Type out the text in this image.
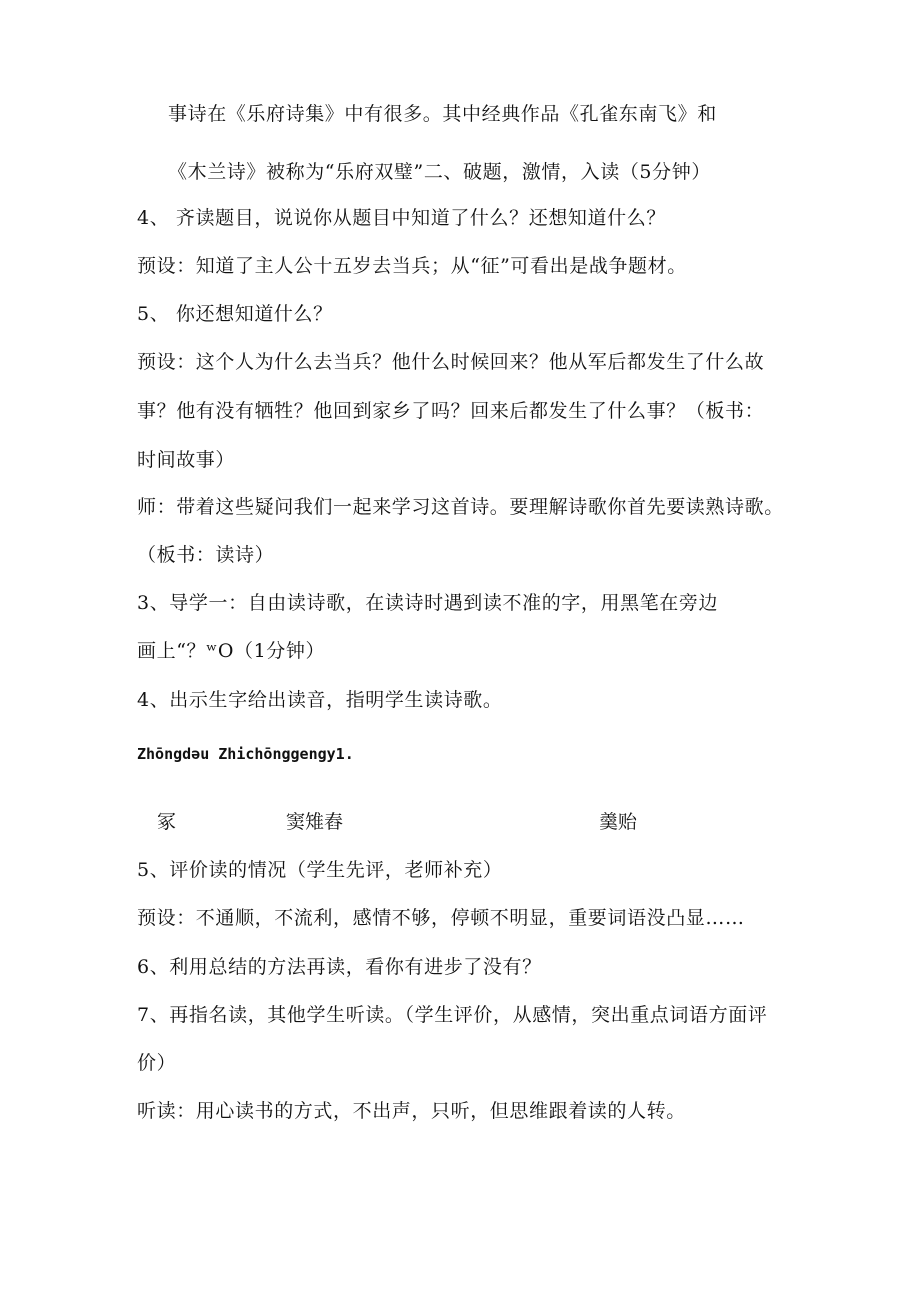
事诗在《乐府诗集》中有很多。其中经典作品《孔雀东南飞》和
《木兰诗》被称为“乐府双璧”二、破题，激情，入读（5分钟）
4、 齐读题目，说说你从题目中知道了什么？还想知道什么？
预设：知道了主人公十五岁去当兵；从“征”可看出是战争题材。
5、 你还想知道什么？
预设：这个人为什么去当兵？他什么时候回来？他从军后都发生了什么故
事？他有没有牺牲？他回到家乡了吗？回来后都发生了什么事？（板书：
时间故事）
师：带着这些疑问我们一起来学习这首诗。要理解诗歌你首先要读熟诗歌。
（板书：读诗）
3、导学一：自由读诗歌，在读诗时遇到读不准的字，用黑笔在旁边
画上“？ʷO（1分钟）
4、出示生字给出读音，指明学生读诗歌。
Zhōngdəu Zhichōnggengy1.
冢	窦雉舂	羹贻
5、评价读的情况（学生先评，老师补充）
预设：不通顺，不流利，感情不够，停顿不明显，重要词语没凸显……
6、利用总结的方法再读，看你有进步了没有？
7、再指名读，其他学生听读。（学生评价，从感情，突出重点词语方面评
价）
听读：用心读书的方式，不出声，只听，但思维跟着读的人转。
